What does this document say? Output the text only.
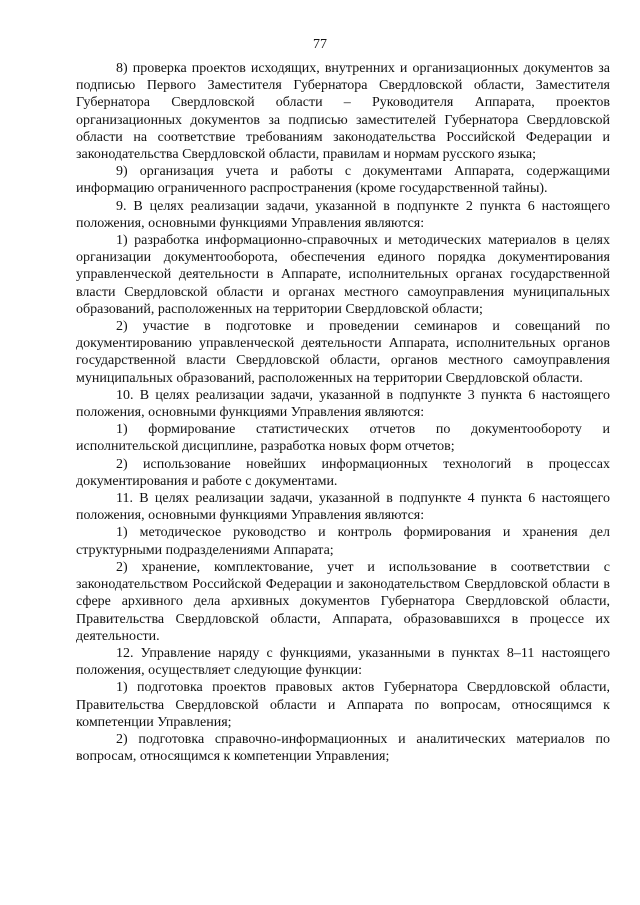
77

8) проверка проектов исходящих, внутренних и организационных документов за подписью Первого Заместителя Губернатора Свердловской области, Заместителя Губернатора Свердловской области – Руководителя Аппарата, проектов организационных документов за подписью заместителей Губернатора Свердловской области на соответствие требованиям законодательства Российской Федерации и законодательства Свердловской области, правилам и нормам русского языка;

9) организация учета и работы с документами Аппарата, содержащими информацию ограниченного распространения (кроме государственной тайны).

9. В целях реализации задачи, указанной в подпункте 2 пункта 6 настоящего положения, основными функциями Управления являются:

1) разработка информационно-справочных и методических материалов в целях организации документооборота, обеспечения единого порядка документирования управленческой деятельности в Аппарате, исполнительных органах государственной власти Свердловской области и органах местного самоуправления муниципальных образований, расположенных на территории Свердловской области;

2) участие в подготовке и проведении семинаров и совещаний по документированию управленческой деятельности Аппарата, исполнительных органов государственной власти Свердловской области, органов местного самоуправления муниципальных образований, расположенных на территории Свердловской области.

10. В целях реализации задачи, указанной в подпункте 3 пункта 6 настоящего положения, основными функциями Управления являются:

1) формирование статистических отчетов по документообороту и исполнительской дисциплине, разработка новых форм отчетов;

2) использование новейших информационных технологий в процессах документирования и работе с документами.

11. В целях реализации задачи, указанной в подпункте 4 пункта 6 настоящего положения, основными функциями Управления являются:

1) методическое руководство и контроль формирования и хранения дел структурными подразделениями Аппарата;

2) хранение, комплектование, учет и использование в соответствии с законодательством Российской Федерации и законодательством Свердловской области в сфере архивного дела архивных документов Губернатора Свердловской области, Правительства Свердловской области, Аппарата, образовавшихся в процессе их деятельности.

12. Управление наряду с функциями, указанными в пунктах 8–11 настоящего положения, осуществляет следующие функции:

1) подготовка проектов правовых актов Губернатора Свердловской области, Правительства Свердловской области и Аппарата по вопросам, относящимся к компетенции Управления;

2) подготовка справочно-информационных и аналитических материалов по вопросам, относящимся к компетенции Управления;
